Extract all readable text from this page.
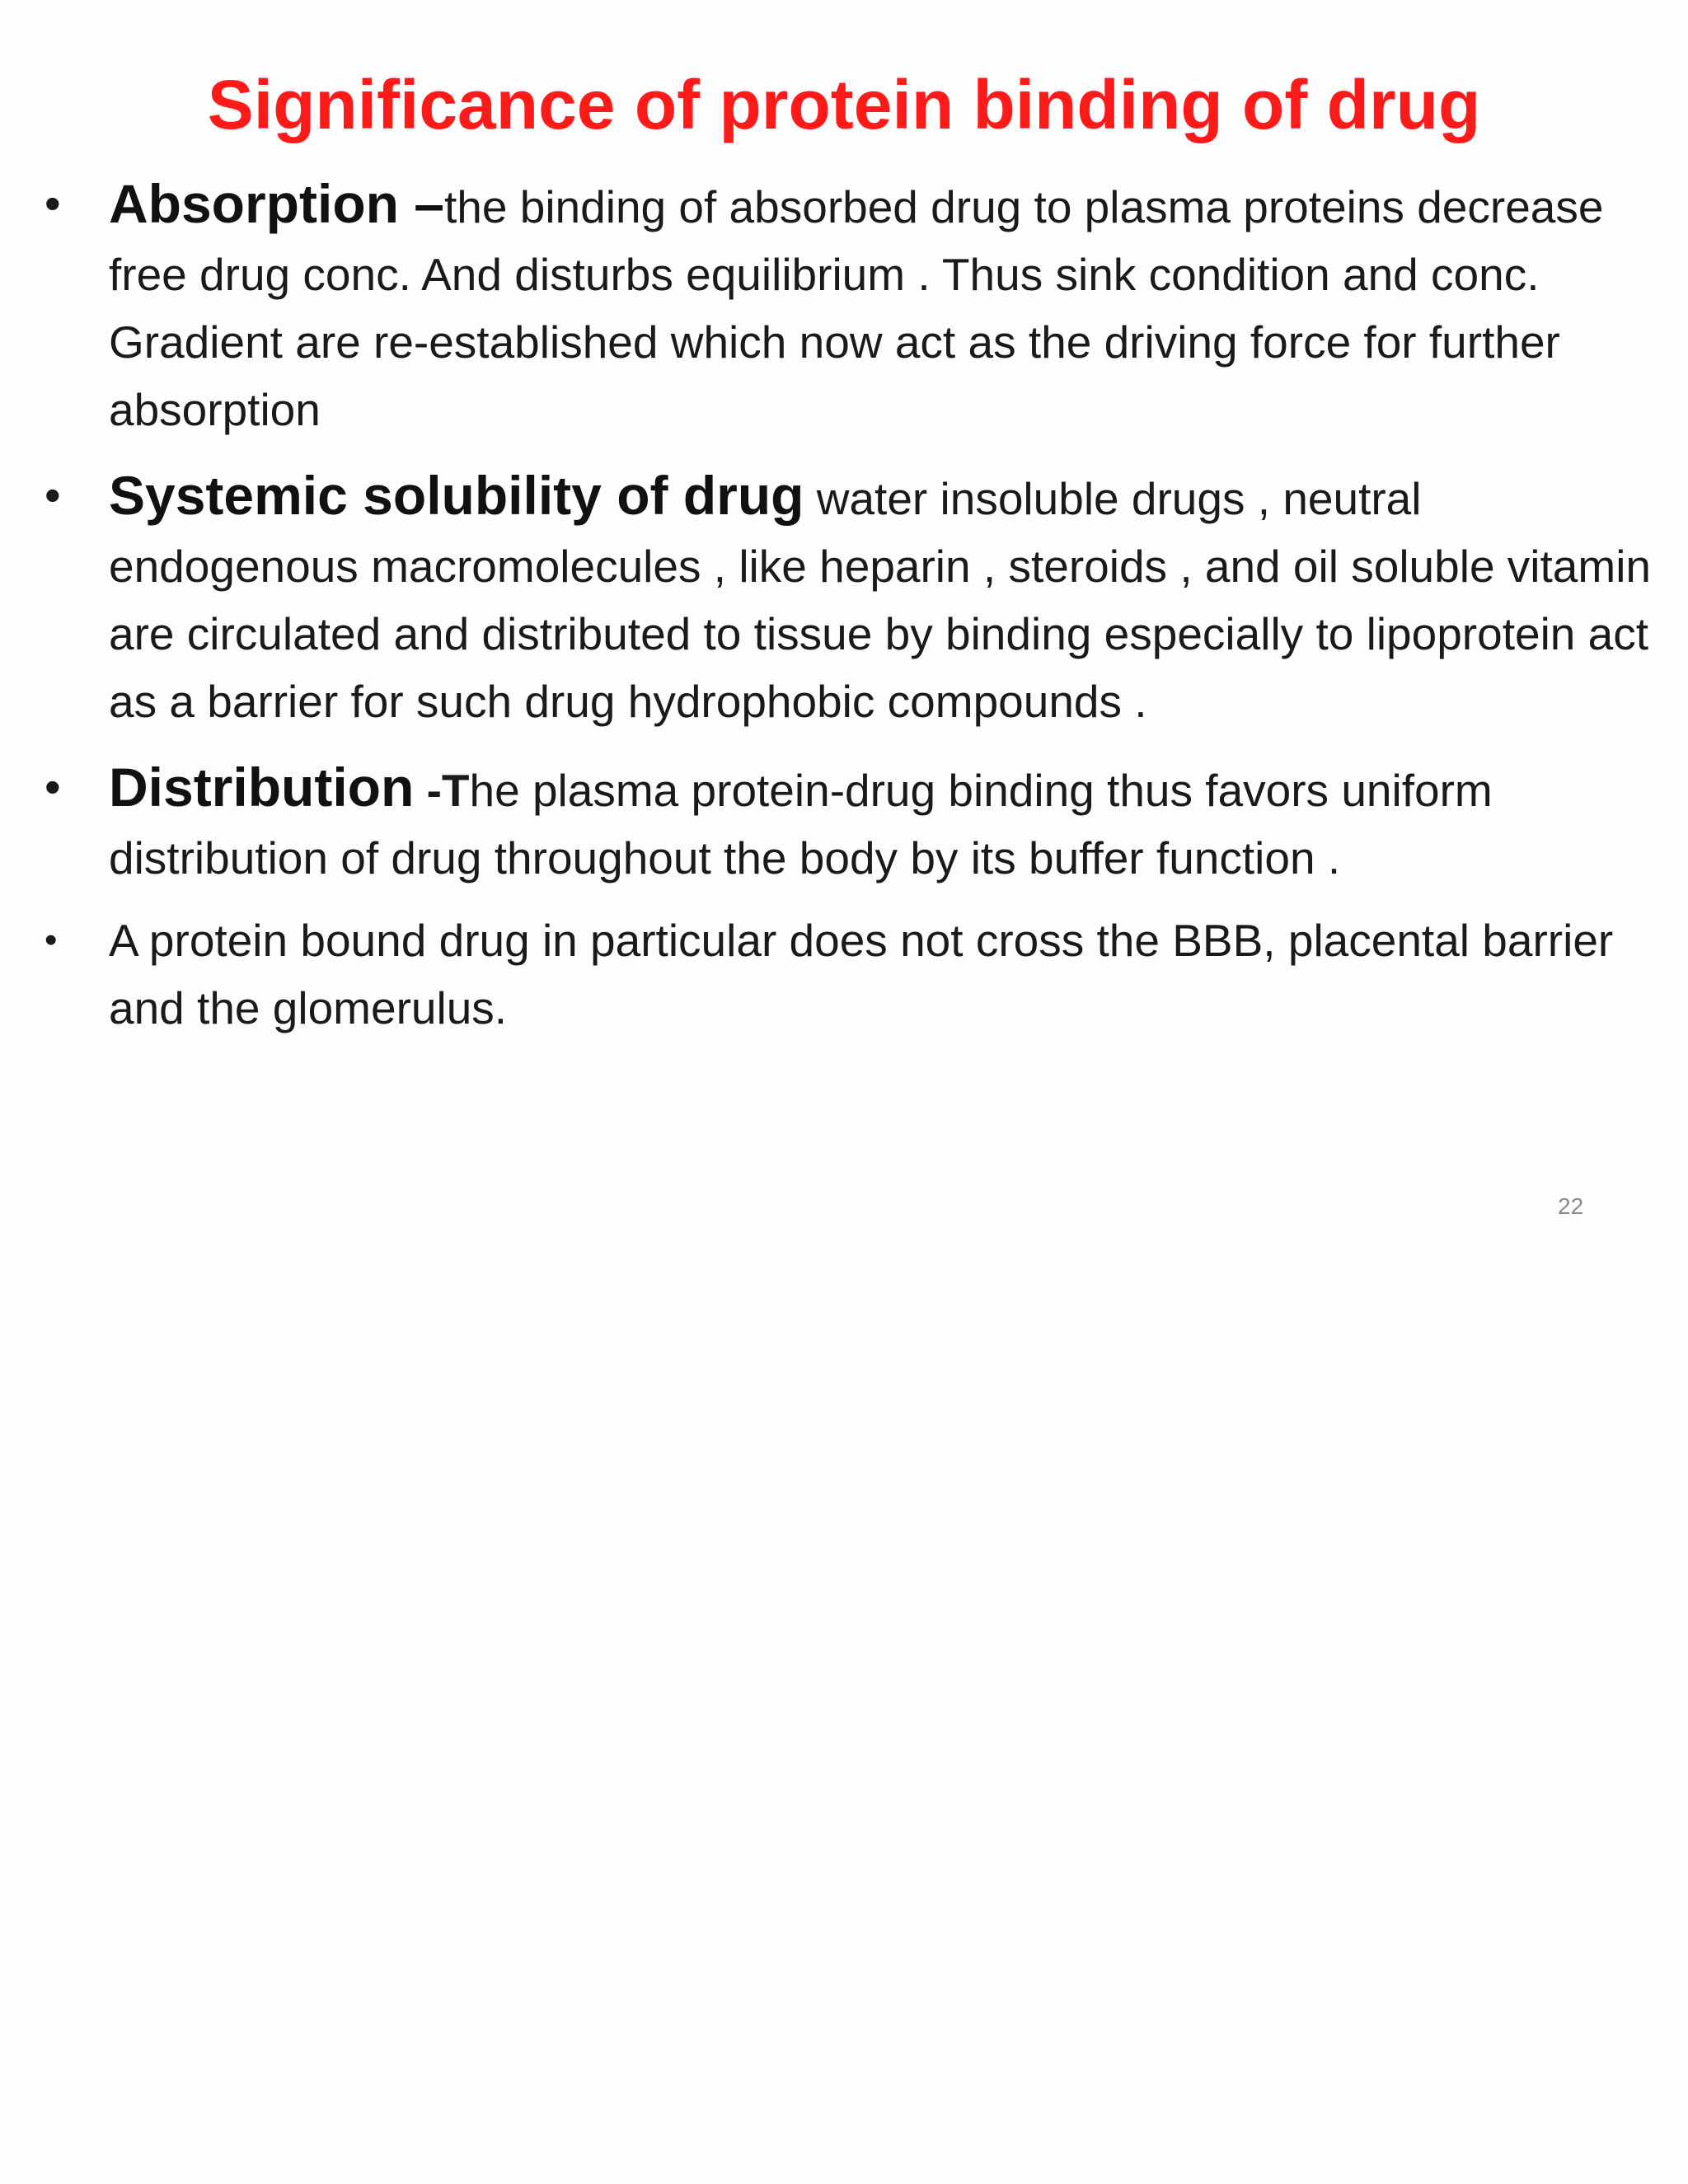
Significance of protein binding of drug
• Absorption –the binding of absorbed drug to plasma proteins decrease free drug conc. And disturbs equilibrium . Thus sink condition and conc. Gradient are re-established which now act as the driving force for further absorption
• Systemic solubility of drug water insoluble drugs , neutral endogenous macromolecules , like heparin , steroids , and oil soluble vitamin are circulated and distributed to tissue by binding especially to lipoprotein act as a barrier for such drug hydrophobic compounds .
• Distribution -The plasma protein-drug binding thus favors uniform distribution of drug throughout the body by its buffer function .
• A protein bound drug in particular does not cross the BBB, placental barrier and the glomerulus.
22
